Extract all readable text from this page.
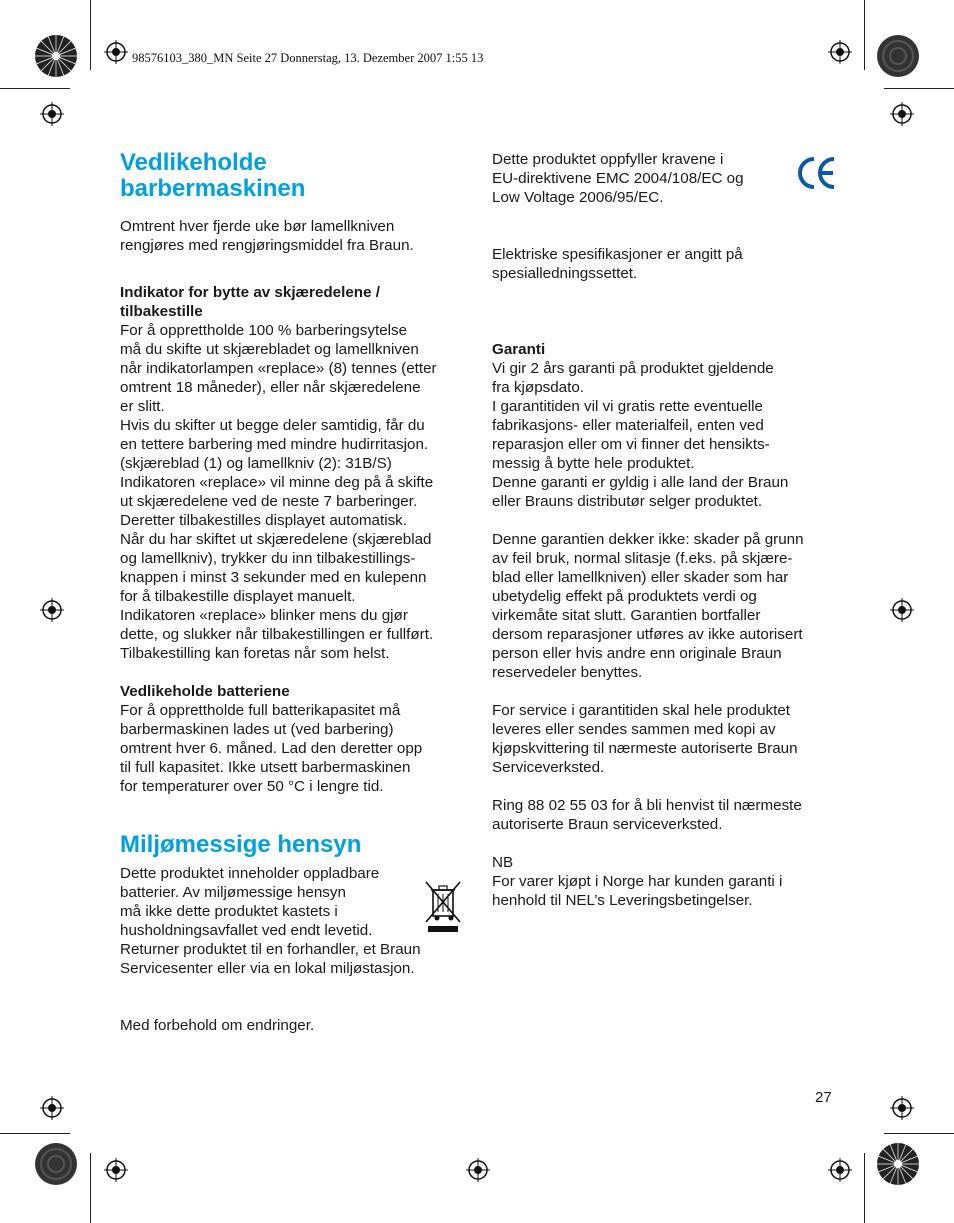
98576103_380_MN Seite 27 Donnerstag, 13. Dezember 2007 1:55 13
Vedlikeholde
barbermaskinen

Omtrent hver fjerde uke bør lamellkniven
rengjøres med rengjøringsmiddel fra Braun.

Indikator for bytte av skjæredelene /
tilbakestille

For å opprettholde 100 % barberingsytelse
må du skifte ut skjærebladet og lamellkniven
når indikatorlampen «replace» (8) tennes (etter
omtrent 18 måneder), eller når skjæredelene
er slitt.
Hvis du skifter ut begge deler samtidig, får du
en tettere barbering med mindre hudirritasjon.
(skjæreblad (1) og lamellkniv (2): 31B/S)
Indikatoren «replace» vil minne deg på å skifte
ut skjæredelene ved de neste 7 barberinger.
Deretter tilbakestilles displayet automatisk.
Når du har skiftet ut skjæredelene (skjæreblad
og lamellkniv), trykker du inn tilbakestillings-
knappen i minst 3 sekunder med en kulepenn
for å tilbakestille displayet manuelt.
Indikatoren «replace» blinker mens du gjør
dette, og slukker når tilbakestillingen er fullført.
Tilbakestilling kan foretas når som helst.

Vedlikeholde batteriene

For å opprettholde full batterikapasitet må
barbermaskinen lades ut (ved barbering)
omtrent hver 6. måned. Lad den deretter opp
til full kapasitet. Ikke utsett barbermaskinen
for temperaturer over 50 °C i lengre tid.

Miljømessige hensyn

Dette produktet inneholder oppladbare
batterier. Av miljømessige hensyn
må ikke dette produktet kastets i
husholdningsavfallet ved endt levetid.
Returner produktet til en forhandler, et Braun
Servicesenter eller via en lokal miljøstasjon.

Med forbehold om endringer.

Dette produktet oppfyller kravene i
EU-direktivene EMC 2004/108/EC og
Low Voltage 2006/95/EC.

Elektriske spesifikasjoner er angitt på
spesialledningssettet.

Garanti

Vi gir 2 års garanti på produktet gjeldende
fra kjøpsdato.
I garantitiden vil vi gratis rette eventuelle
fabrikasjons- eller materialfeil, enten ved
reparasjon eller om vi finner det hensikts-
messig å bytte hele produktet.
Denne garanti er gyldig i alle land der Braun
eller Brauns distributør selger produktet.

Denne garantien dekker ikke: skader på grunn
av feil bruk, normal slitasje (f.eks. på skjære-
blad eller lamellkniven) eller skader som har
ubetydelig effekt på produktets verdi og
virkemåte sitat slutt. Garantien bortfaller
dersom reparasjoner utføres av ikke autorisert
person eller hvis andre enn originale Braun
reservedeler benyttes.

For service i garantitiden skal hele produktet
leveres eller sendes sammen med kopi av
kjøpskvittering til nærmeste autoriserte Braun
Serviceverksted.

Ring 88 02 55 03 for å bli henvist til nærmeste
autoriserte Braun serviceverksted.

NB

For varer kjøpt i Norge har kunden garanti i
henhold til NEL’s Leveringsbetingelser.

27
